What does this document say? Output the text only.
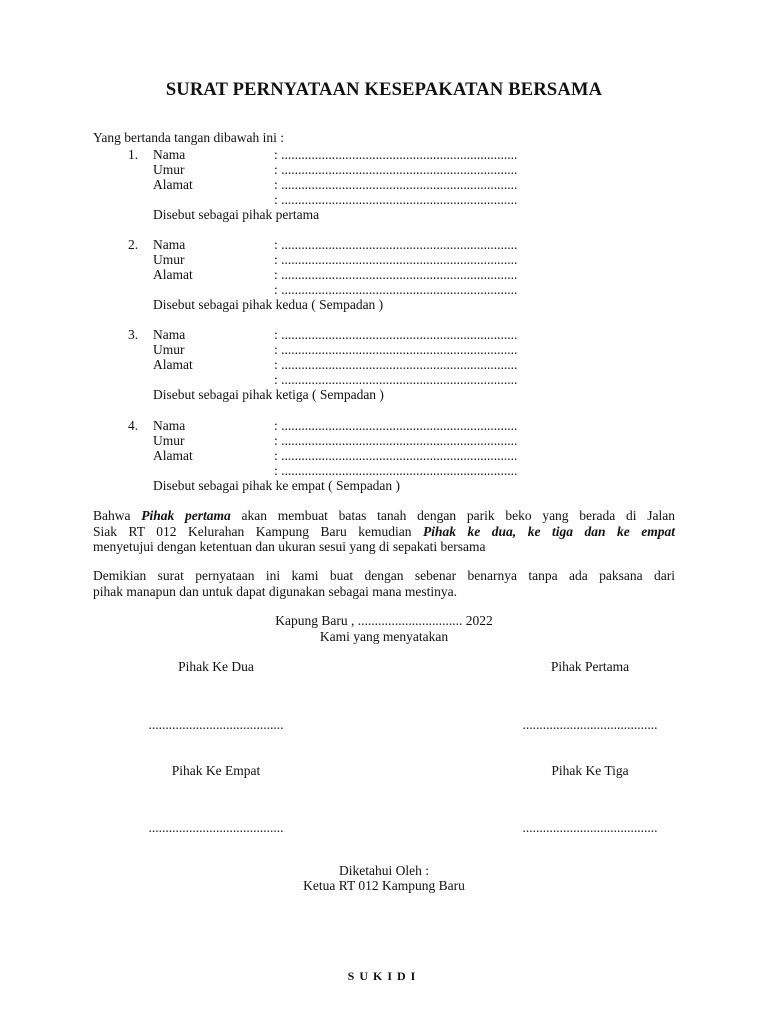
SURAT PERNYATAAN KESEPAKATAN BERSAMA
Yang bertanda tangan dibawah ini :
1. Nama	: ......................................................................
Umur	: ......................................................................
Alamat	: ......................................................................
: ......................................................................
Disebut sebagai pihak pertama
2. Nama	: ......................................................................
Umur	: ......................................................................
Alamat	: ......................................................................
: ......................................................................
Disebut sebagai pihak kedua ( Sempadan )
3. Nama	: ......................................................................
Umur	: ......................................................................
Alamat	: ......................................................................
: ......................................................................
Disebut sebagai pihak ketiga ( Sempadan )
4. Nama	: ......................................................................
Umur	: ......................................................................
Alamat	: ......................................................................
: ......................................................................
Disebut sebagai pihak ke empat ( Sempadan )
Bahwa Pihak pertama akan membuat batas tanah dengan parik beko yang berada di Jalan
Siak RT 012 Kelurahan Kampung Baru kemudian Pihak ke dua, ke tiga dan ke empat
menyetujui dengan ketentuan dan ukuran sesui yang di sepakati bersama
Demikian surat pernyataan ini kami buat dengan sebenar benarnya tanpa ada paksana dari
pihak manapun dan untuk dapat digunakan sebagai mana mestinya.
Kapung Baru , ............................... 2022
Kami yang menyatakan
Pihak Ke Dua	Pihak Pertama
........................................	........................................
Pihak Ke Empat	Pihak Ke Tiga
........................................	........................................
Diketahui Oleh :
Ketua RT 012 Kampung Baru
SUKIDI
